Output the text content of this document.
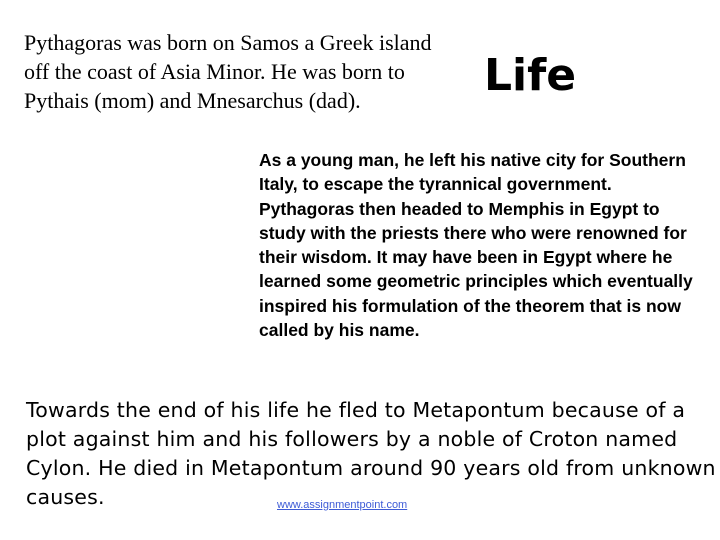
Pythagoras was born on Samos a Greek island off the coast of Asia Minor. He was born to Pythais (mom) and Mnesarchus (dad).	Life
As a young man, he left his native city for Southern Italy, to escape the tyrannical government. Pythagoras then headed to Memphis in Egypt to study with the priests there who were renowned for their wisdom. It may have been in Egypt where he learned some geometric principles which eventually inspired his formulation of the theorem that is now called by his name.
Towards the end of his life he fled to Metapontum because of a plot against him and his followers by a noble of Croton named Cylon. He died in Metapontum around 90 years old from unknown causes.	www.assignmentpoint.com
